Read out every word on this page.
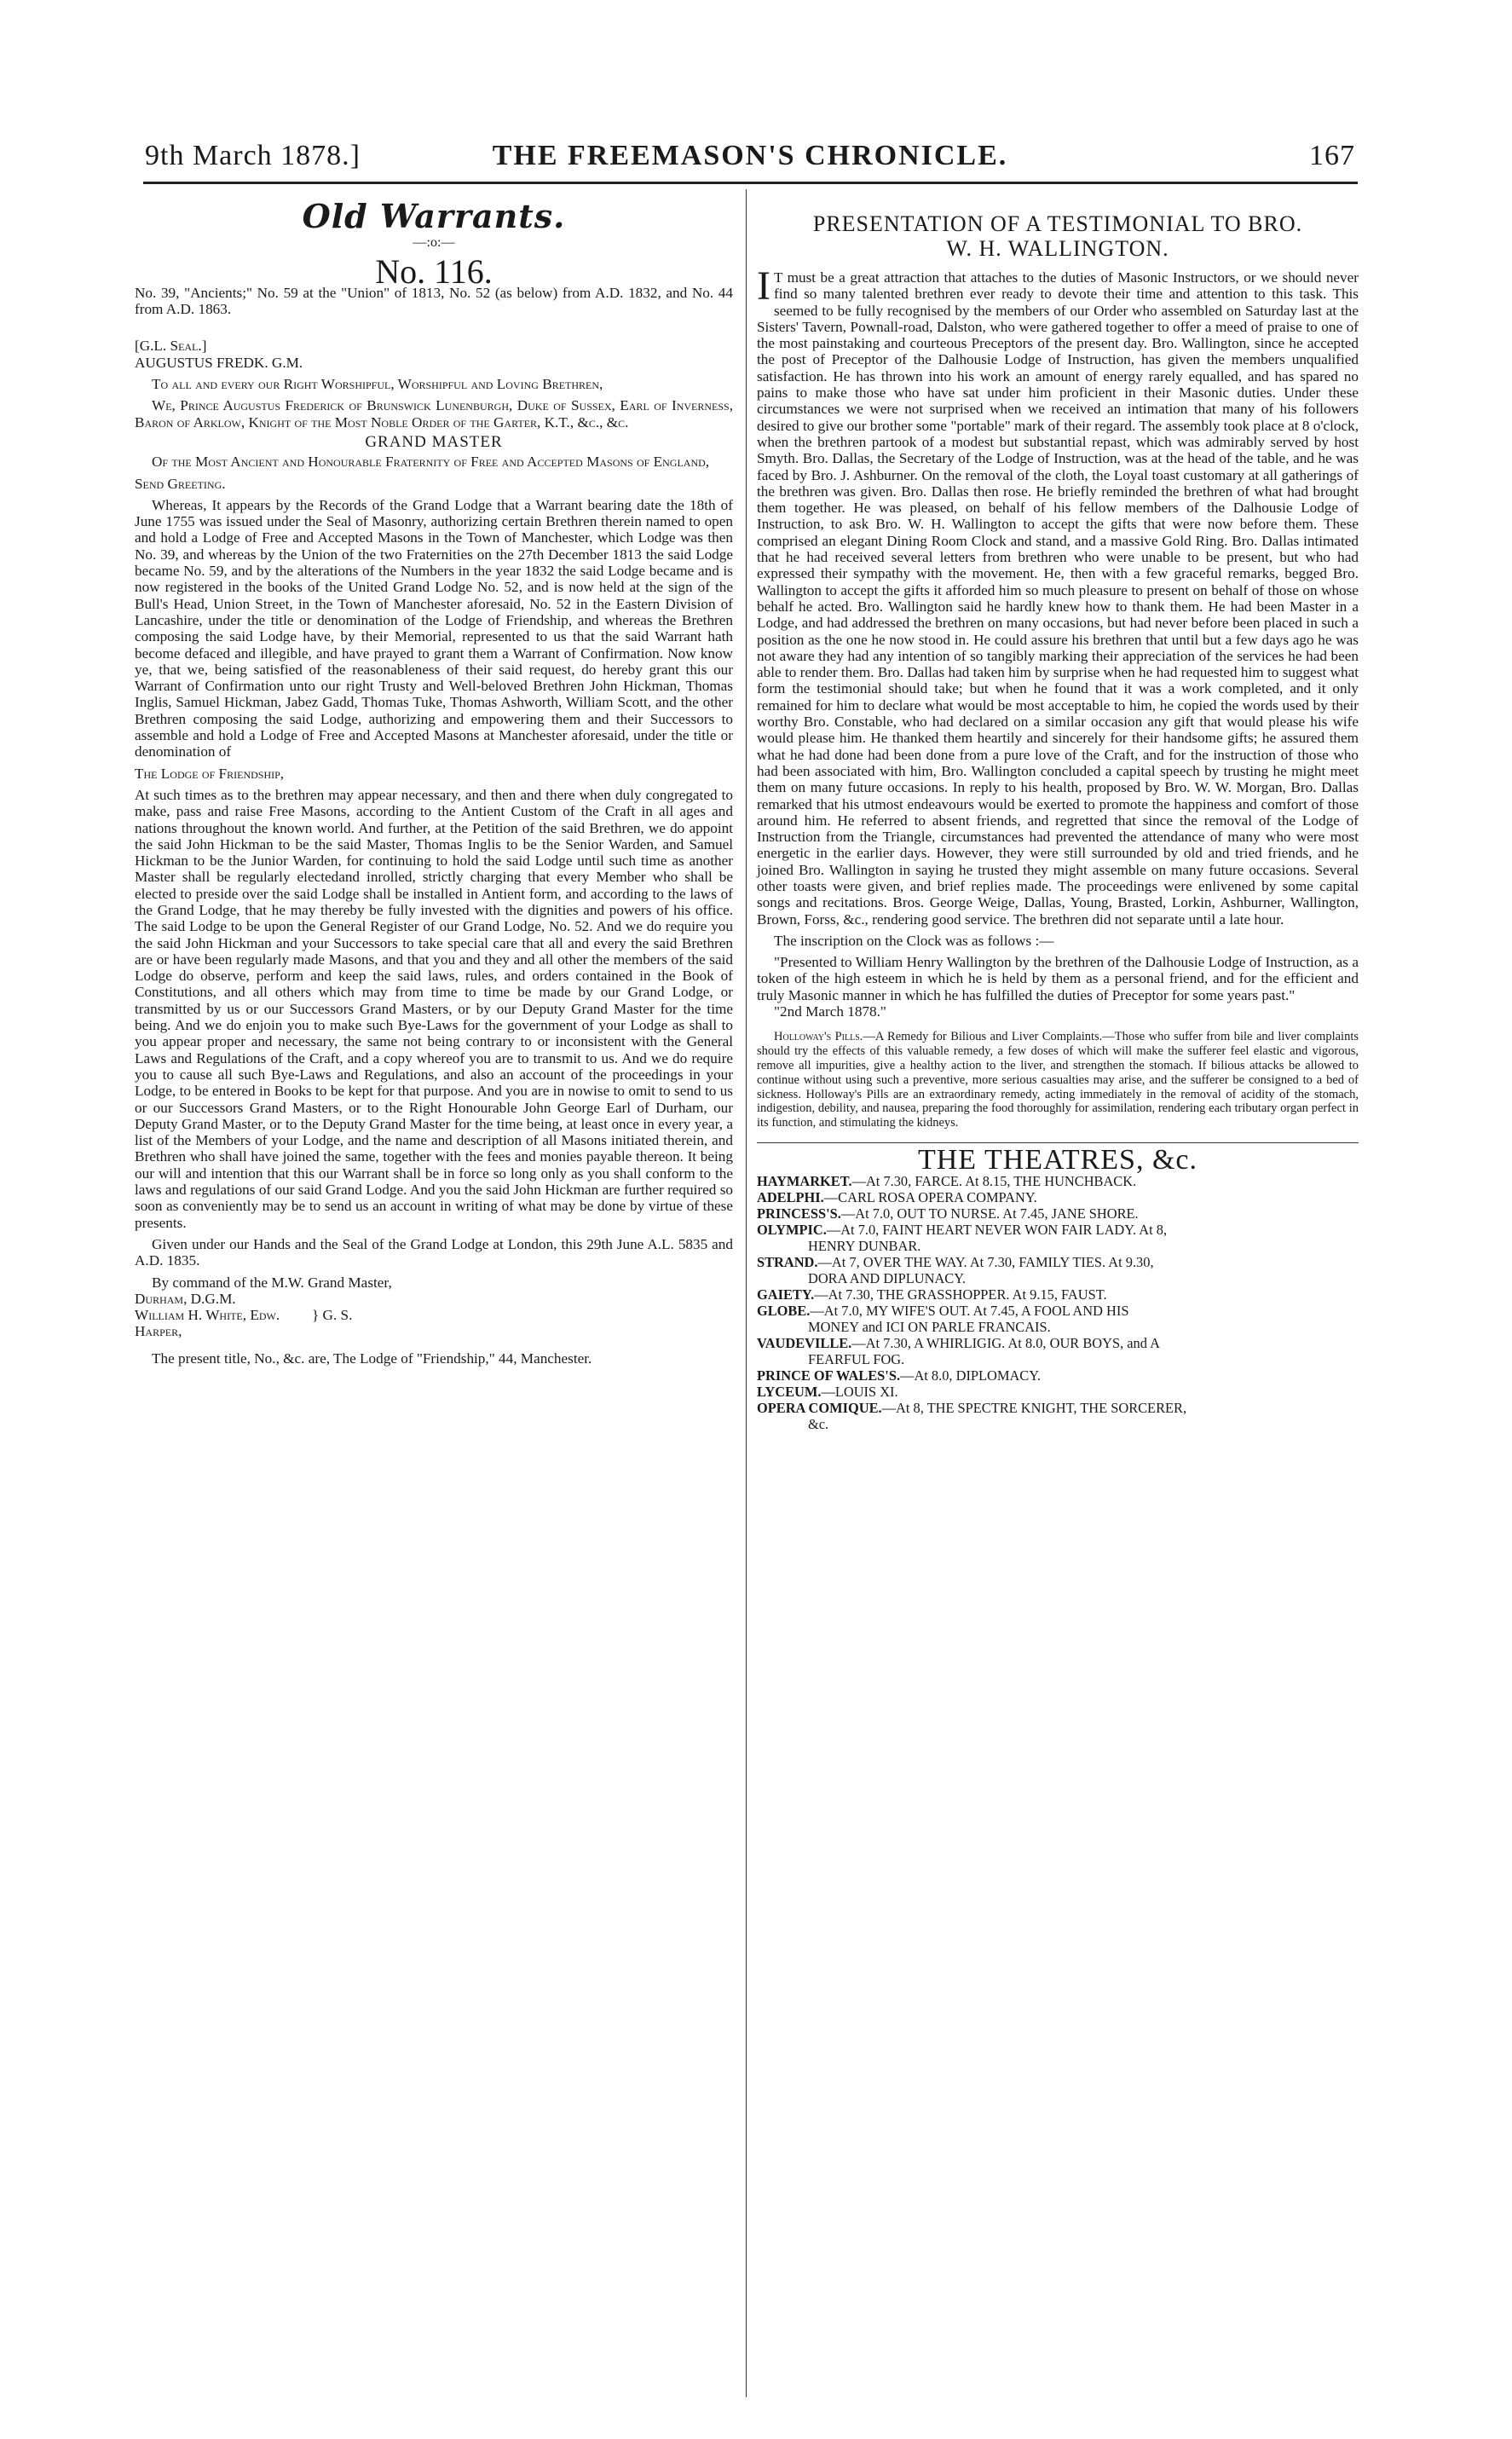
9th March 1878.]	THE FREEMASON'S CHRONICLE.	167
Old Warrants.
—:o:—
No. 116.

No. 39, "Ancients;" No. 59 at the "Union" of 1813, No. 52 (as below) from A.D. 1832, and No. 44 from A.D. 1863.

[G.L. Seal.]

AUGUSTUS FREDK. G.M.

To all and every our Right Worshipful, Worshipful and Loving Brethren,

We, Prince Augustus Frederick of Brunswick Lunenburgh, Duke of Sussex, Earl of Inverness, Baron of Arklow, Knight of the Most Noble Order of the Garter, K.T., &c., &c.

GRAND MASTER

Of the Most Ancient and Honourable Fraternity of Free and Accepted Masons of England,

Send Greeting.

Whereas, It appears by the Records of the Grand Lodge that a Warrant bearing date the 18th of June 1755 was issued under the Seal of Masonry, authorizing certain Brethren therein named to open and hold a Lodge of Free and Accepted Masons in the Town of Manchester, which Lodge was then No. 39, and whereas by the Union of the two Fraternities on the 27th December 1813 the said Lodge became No. 59, and by the alterations of the Numbers in the year 1832 the said Lodge became and is now registered in the books of the United Grand Lodge No. 52, and is now held at the sign of the Bull's Head, Union Street, in the Town of Manchester aforesaid, No. 52 in the Eastern Division of Lancashire, under the title or denomination of the Lodge of Friendship, and whereas the Brethren composing the said Lodge have, by their Memorial, represented to us that the said Warrant hath become defaced and illegible, and have prayed to grant them a Warrant of Confirmation. Now know ye, that we, being satisfied of the reasonableness of their said request, do hereby grant this our Warrant of Confirmation unto our right Trusty and Well-beloved Brethren John Hickman, Thomas Inglis, Samuel Hickman, Jabez Gadd, Thomas Tuke, Thomas Ashworth, William Scott, and the other Brethren composing the said Lodge, authorizing and empowering them and their Successors to assemble and hold a Lodge of Free and Accepted Masons at Manchester aforesaid, under the title or denomination of

The Lodge of Friendship,

At such times as to the brethren may appear necessary, and then and there when duly congregated to make, pass and raise Free Masons, according to the Antient Custom of the Craft in all ages and nations throughout the known world. And further, at the Petition of the said Brethren, we do appoint the said John Hickman to be the said Master, Thomas Inglis to be the Senior Warden, and Samuel Hickman to be the Junior Warden, for continuing to hold the said Lodge until such time as another Master shall be regularly electedand inrolled, strictly charging that every Member who shall be elected to preside over the said Lodge shall be installed in Antient form, and according to the laws of the Grand Lodge, that he may thereby be fully invested with the dignities and powers of his office. The said Lodge to be upon the General Register of our Grand Lodge, No. 52. And we do require you the said John Hickman and your Successors to take special care that all and every the said Brethren are or have been regularly made Masons, and that you and they and all other the members of the said Lodge do observe, perform and keep the said laws, rules, and orders contained in the Book of Constitutions, and all others which may from time to time be made by our Grand Lodge, or transmitted by us or our Successors Grand Masters, or by our Deputy Grand Master for the time being. And we do enjoin you to make such Bye-Laws for the government of your Lodge as shall to you appear proper and necessary, the same not being contrary to or inconsistent with the General Laws and Regulations of the Craft, and a copy whereof you are to transmit to us. And we do require you to cause all such Bye-Laws and Regulations, and also an account of the proceedings in your Lodge, to be entered in Books to be kept for that purpose. And you are in nowise to omit to send to us or our Successors Grand Masters, or to the Right Honourable John George Earl of Durham, our Deputy Grand Master, or to the Deputy Grand Master for the time being, at least once in every year, a list of the Members of your Lodge, and the name and description of all Masons initiated therein, and Brethren who shall have joined the same, together with the fees and monies payable thereon. It being our will and intention that this our Warrant shall be in force so long only as you shall conform to the laws and regulations of our said Grand Lodge. And you the said John Hickman are further required so soon as conveniently may be to send us an account in writing of what may be done by virtue of these presents.

Given under our Hands and the Seal of the Grand Lodge at London, this 29th June A.L. 5835 and A.D. 1835.

By command of the M.W. Grand Master,

Durham, D.G.M.

William H. White, Edw. Harper,
} G. S.

The present title, No., &c. are, The Lodge of "Friendship," 44, Manchester.

PRESENTATION OF A TESTIMONIAL TO BRO.
W. H. WALLINGTON.

I T must be a great attraction that attaches to the duties of Masonic Instructors, or we should never find so many talented brethren ever ready to devote their time and attention to this task. This seemed to be fully recognised by the members of our Order who assembled on Saturday last at the Sisters' Tavern, Pownall-road, Dalston, who were gathered together to offer a meed of praise to one of the most painstaking and courteous Preceptors of the present day. Bro. Wallington, since he accepted the post of Preceptor of the Dalhousie Lodge of Instruction, has given the members unqualified satisfaction. He has thrown into his work an amount of energy rarely equalled, and has spared no pains to make those who have sat under him proficient in their Masonic duties. Under these circumstances we were not surprised when we received an intimation that many of his followers desired to give our brother some "portable" mark of their regard. The assembly took place at 8 o'clock, when the brethren partook of a modest but substantial repast, which was admirably served by host Smyth. Bro. Dallas, the Secretary of the Lodge of Instruction, was at the head of the table, and he was faced by Bro. J. Ashburner. On the removal of the cloth, the Loyal toast customary at all gatherings of the brethren was given. Bro. Dallas then rose. He briefly reminded the brethren of what had brought them together. He was pleased, on behalf of his fellow members of the Dalhousie Lodge of Instruction, to ask Bro. W. H. Wallington to accept the gifts that were now before them. These comprised an elegant Dining Room Clock and stand, and a massive Gold Ring. Bro. Dallas intimated that he had received several letters from brethren who were unable to be present, but who had expressed their sympathy with the movement. He, then with a few graceful remarks, begged Bro. Wallington to accept the gifts it afforded him so much pleasure to present on behalf of those on whose behalf he acted. Bro. Wallington said he hardly knew how to thank them. He had been Master in a Lodge, and had addressed the brethren on many occasions, but had never before been placed in such a position as the one he now stood in. He could assure his brethren that until but a few days ago he was not aware they had any intention of so tangibly marking their appreciation of the services he had been able to render them. Bro. Dallas had taken him by surprise when he had requested him to suggest what form the testimonial should take; but when he found that it was a work completed, and it only remained for him to declare what would be most acceptable to him, he copied the words used by their worthy Bro. Constable, who had declared on a similar occasion any gift that would please his wife would please him. He thanked them heartily and sincerely for their handsome gifts; he assured them what he had done had been done from a pure love of the Craft, and for the instruction of those who had been associated with him, Bro. Wallington concluded a capital speech by trusting he might meet them on many future occasions. In reply to his health, proposed by Bro. W. W. Morgan, Bro. Dallas remarked that his utmost endeavours would be exerted to promote the happiness and comfort of those around him. He referred to absent friends, and regretted that since the removal of the Lodge of Instruction from the Triangle, circumstances had prevented the attendance of many who were most energetic in the earlier days. However, they were still surrounded by old and tried friends, and he joined Bro. Wallington in saying he trusted they might assemble on many future occasions. Several other toasts were given, and brief replies made. The proceedings were enlivened by some capital songs and recitations. Bros. George Weige, Dallas, Young, Brasted, Lorkin, Ashburner, Wallington, Brown, Forss, &c., rendering good service. The brethren did not separate until a late hour.

The inscription on the Clock was as follows :—

"Presented to William Henry Wallington by the brethren of the Dalhousie Lodge of Instruction, as a token of the high esteem in which he is held by them as a personal friend, and for the efficient and truly Masonic manner in which he has fulfilled the duties of Preceptor for some years past."

"2nd March 1878."

Holloway's Pills.—A Remedy for Bilious and Liver Complaints.—Those who suffer from bile and liver complaints should try the effects of this valuable remedy, a few doses of which will make the sufferer feel elastic and vigorous, remove all impurities, give a healthy action to the liver, and strengthen the stomach. If bilious attacks be allowed to continue without using such a preventive, more serious casualties may arise, and the sufferer be consigned to a bed of sickness. Holloway's Pills are an extraordinary remedy, acting immediately in the removal of acidity of the stomach, indigestion, debility, and nausea, preparing the food thoroughly for assimilation, rendering each tributary organ perfect in its function, and stimulating the kidneys.

THE THEATRES, &c.

HAYMARKET.—At 7.30, FARCE. At 8.15, THE HUNCHBACK.

ADELPHI.—CARL ROSA OPERA COMPANY.

PRINCESS'S.—At 7.0, OUT TO NURSE. At 7.45, JANE SHORE.

OLYMPIC.—At 7.0, FAINT HEART NEVER WON FAIR LADY. At 8,
HENRY DUNBAR.

STRAND.—At 7, OVER THE WAY. At 7.30, FAMILY TIES. At 9.30,
DORA AND DIPLUNACY.

GAIETY.—At 7.30, THE GRASSHOPPER. At 9.15, FAUST.

GLOBE.—At 7.0, MY WIFE'S OUT. At 7.45, A FOOL AND HIS
MONEY and ICI ON PARLE FRANCAIS.

VAUDEVILLE.—At 7.30, A WHIRLIGIG. At 8.0, OUR BOYS, and A
FEARFUL FOG.

PRINCE OF WALES'S.—At 8.0, DIPLOMACY.

LYCEUM.—LOUIS XI.

OPERA COMIQUE.—At 8, THE SPECTRE KNIGHT, THE SORCERER,
&c.
